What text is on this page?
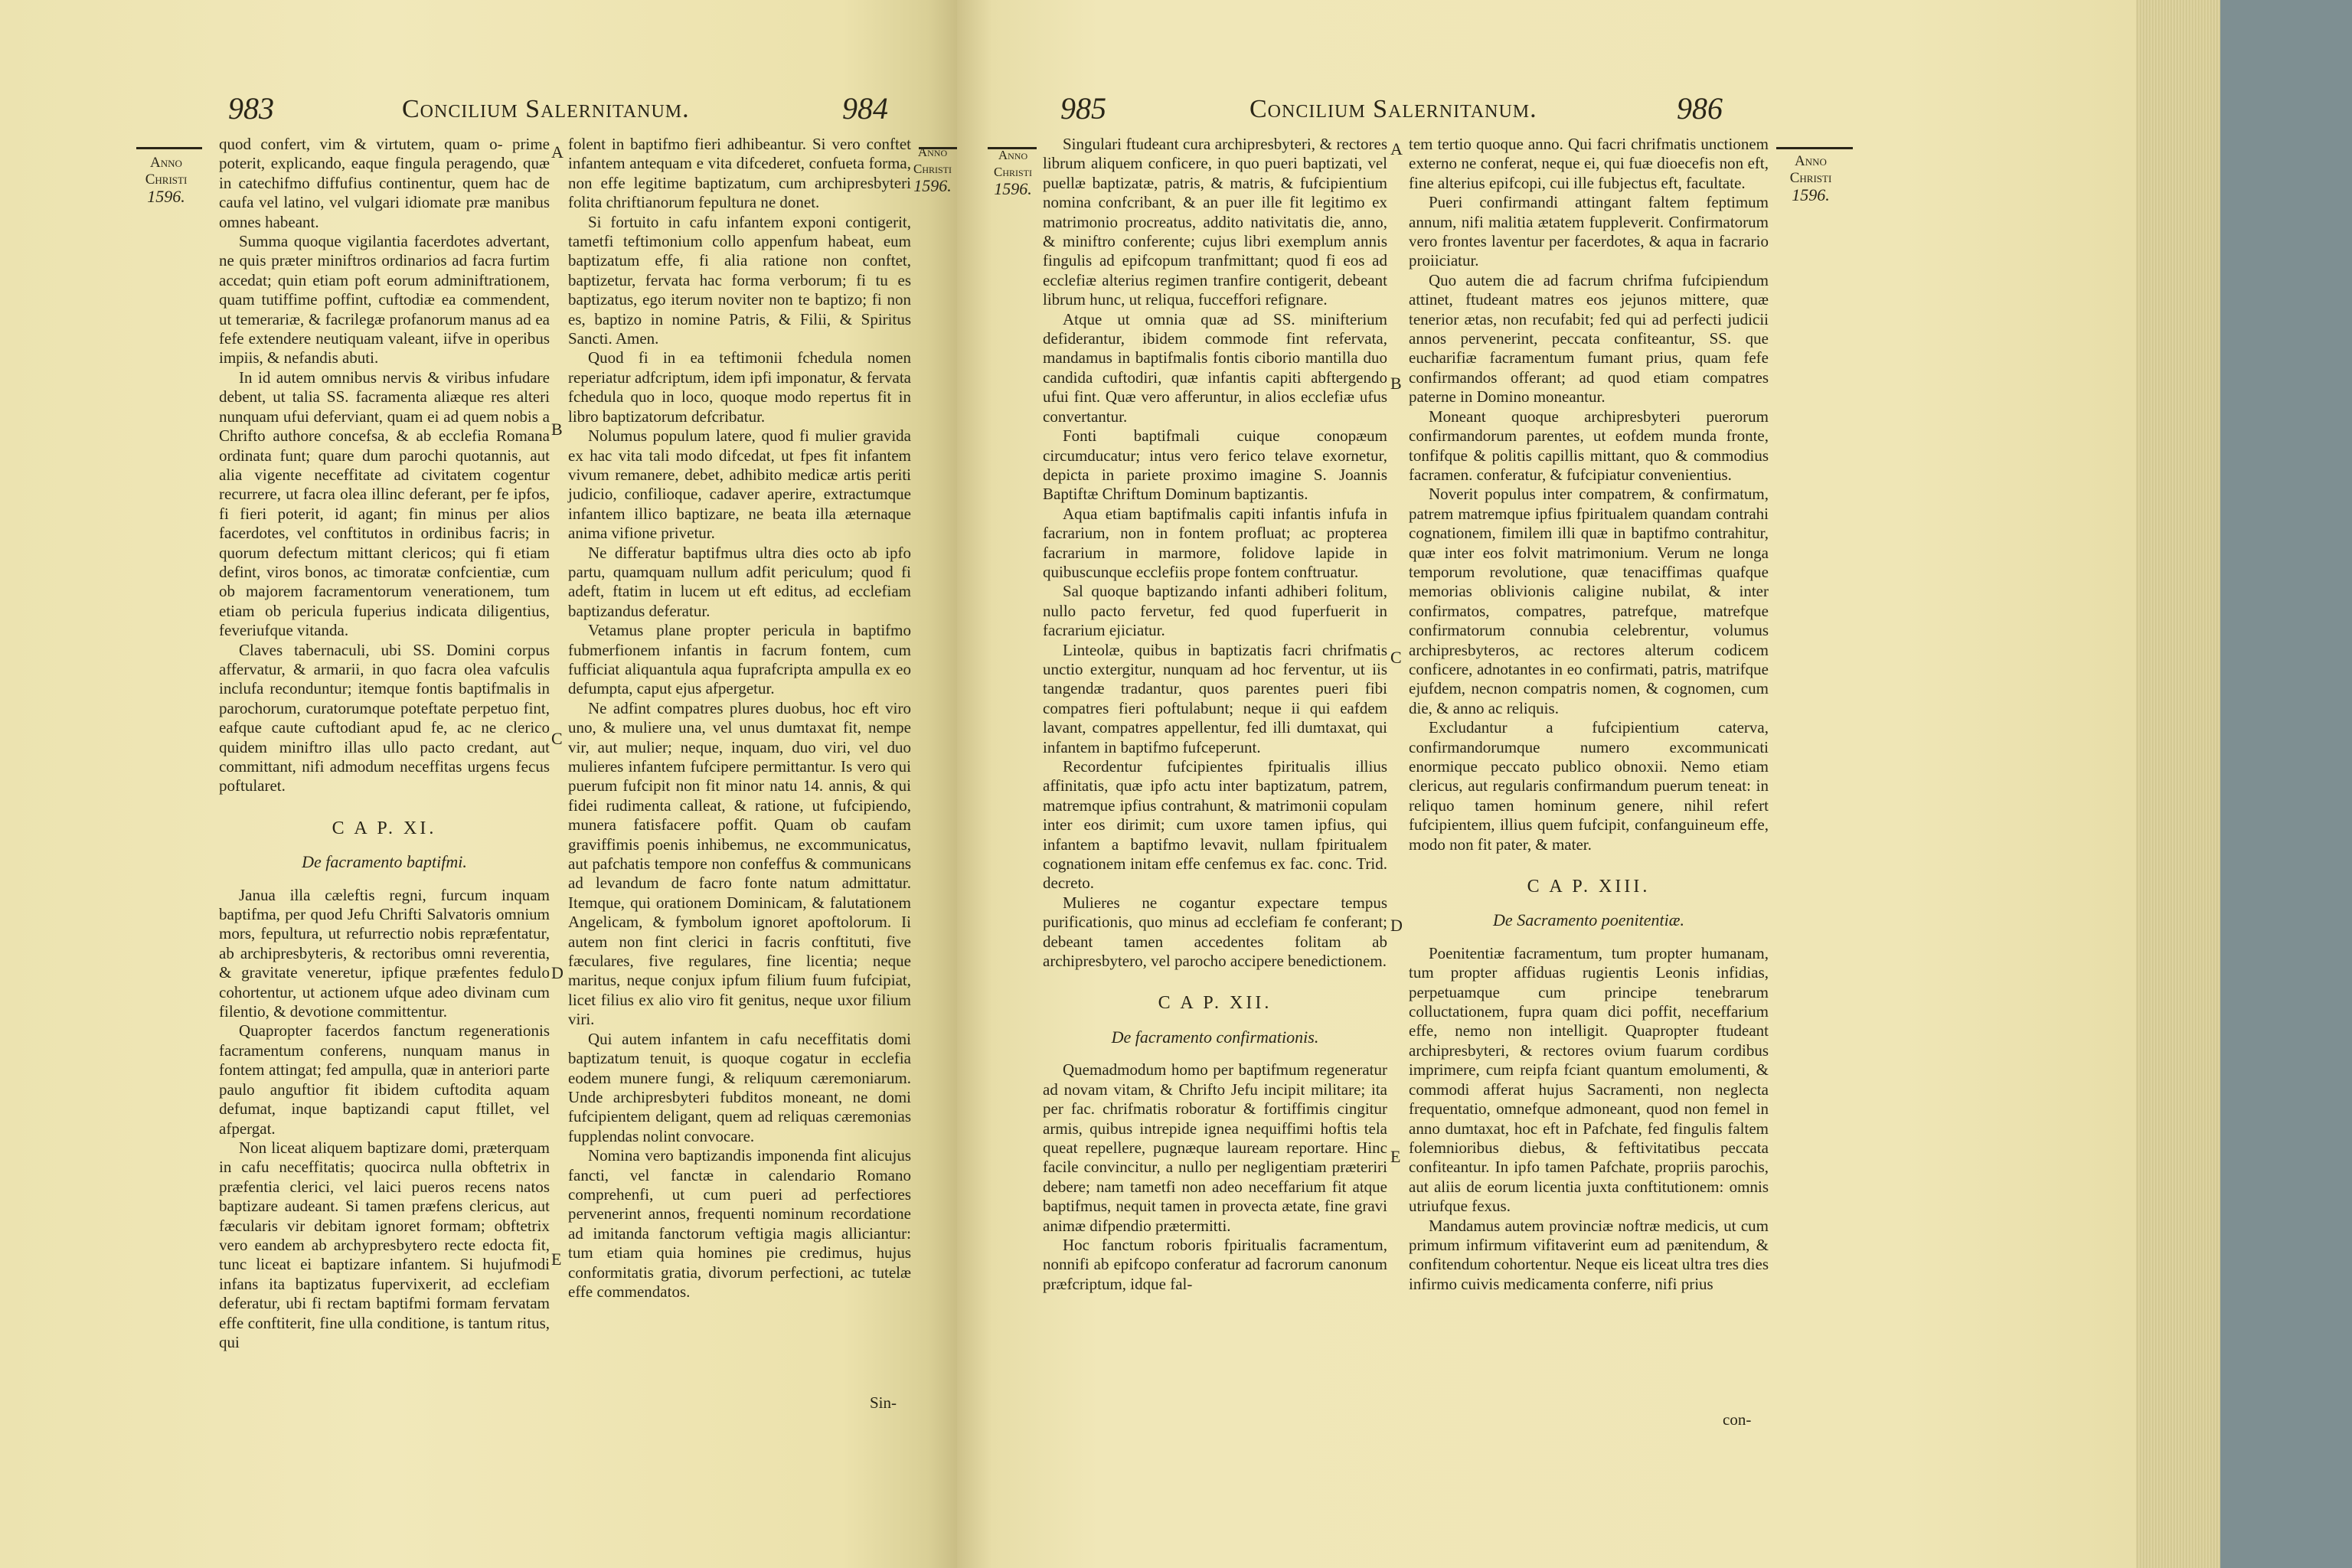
983	Concilium Salernitanum.	984
Anno
Christi
1596.
Anno
Christi
1596.
A
B
C
D
E

quod confert, vim & virtutem, quam o- prime poterit, explicando, eaque fingula peragendo, quæ in catechifmo diffufius continentur, quem hac de caufa vel latino, vel vulgari idiomate præ manibus omnes habeant.

Summa quoque vigilantia facerdotes advertant, ne quis præter miniftros ordinarios ad facra furtim accedat; quin etiam poft eorum adminiftrationem, quam tutiffime poffint, cuftodiæ ea commendent, ut temerariæ, & facrilegæ profanorum manus ad ea fefe extendere neutiquam valeant, iifve in operibus impiis, & nefandis abuti.

In id autem omnibus nervis & viribus infudare debent, ut talia SS. facramenta aliæque res alteri nunquam ufui deferviant, quam ei ad quem nobis a Chrifto authore concefsa, & ab ecclefia Romana ordinata funt; quare dum parochi quotannis, aut alia vigente neceffitate ad civitatem cogentur recurrere, ut facra olea illinc deferant, per fe ipfos, fi fieri poterit, id agant; fin minus per alios facerdotes, vel conftitutos in ordinibus facris; in quorum defectum mittant clericos; qui fi etiam defint, viros bonos, ac timoratæ confcientiæ, cum ob majorem facramentorum venerationem, tum etiam ob pericula fuperius indicata diligentius, feveriufque vitanda.

Claves tabernaculi, ubi SS. Domini corpus affervatur, & armarii, in quo facra olea vafculis inclufa reconduntur; itemque fontis baptifmalis in parochorum, curatorumque poteftate perpetuo fint, eafque caute cuftodiant apud fe, ac ne clerico quidem miniftro illas ullo pacto credant, aut committant, nifi admodum neceffitas urgens fecus poftularet.

C A P. XI.
De facramento baptifmi.

Janua illa cæleftis regni, furcum inquam baptifma, per quod Jefu Chrifti Salvatoris omnium mors, fepultura, ut refurrectio nobis repræfentatur, ab archipresbyteris, & rectoribus omni reverentia, & gravitate veneretur, ipfique præfentes fedulo cohortentur, ut actionem ufque adeo divinam cum filentio, & devotione committentur.

Quapropter facerdos fanctum regenerationis facramentum conferens, nunquam manus in fontem attingat; fed ampulla, quæ in anteriori parte paulo anguftior fit ibidem cuftodita aquam defumat, inque baptizandi caput ftillet, vel afpergat.

Non liceat aliquem baptizare domi, præterquam in cafu neceffitatis; quocirca nulla obftetrix in præfentia clerici, vel laici pueros recens natos baptizare audeant. Si tamen præfens clericus, aut fæcularis vir debitam ignoret formam; obftetrix vero eandem ab archypresbytero recte edocta fit, tunc liceat ei baptizare infantem. Si hujufmodi infans ita baptizatus fupervixerit, ad ecclefiam deferatur, ubi fi rectam baptifmi formam fervatam effe conftiterit, fine ulla conditione, is tantum ritus, qui

folent in baptifmo fieri adhibeantur. Si vero conftet infantem antequam e vita difcederet, confueta forma, non effe legitime baptizatum, cum archipresbyteri folita chriftianorum fepultura ne donet.

Si fortuito in cafu infantem exponi contigerit, tametfi teftimonium collo appenfum habeat, eum baptizatum effe, fi alia ratione non conftet, baptizetur, fervata hac forma verborum; fi tu es baptizatus, ego iterum noviter non te baptizo; fi non es, baptizo in nomine Patris, & Filii, & Spiritus Sancti. Amen.

Quod fi in ea teftimonii fchedula nomen reperiatur adfcriptum, idem ipfi imponatur, & fervata fchedula quo in loco, quoque modo repertus fit in libro baptizatorum defcribatur.

Nolumus populum latere, quod fi mulier gravida ex hac vita tali modo difcedat, ut fpes fit infantem vivum remanere, debet, adhibito medicæ artis periti judicio, confilioque, cadaver aperire, extractumque infantem illico baptizare, ne beata illa æternaque anima vifione privetur.

Ne differatur baptifmus ultra dies octo ab ipfo partu, quamquam nullum adfit periculum; quod fi adeft, ftatim in lucem ut eft editus, ad ecclefiam baptizandus deferatur.

Vetamus plane propter pericula in baptifmo fubmerfionem infantis in facrum fontem, cum fufficiat aliquantula aqua fuprafcripta ampulla ex eo defumpta, caput ejus afpergetur.

Ne adfint compatres plures duobus, hoc eft viro uno, & muliere una, vel unus dumtaxat fit, nempe vir, aut mulier; neque, inquam, duo viri, vel duo mulieres infantem fufcipere permittantur. Is vero qui puerum fufcipit non fit minor natu 14. annis, & qui fidei rudimenta calleat, & ratione, ut fufcipiendo, munera fatisfacere poffit. Quam ob caufam graviffimis poenis inhibemus, ne excommunicatus, aut pafchatis tempore non confeffus & communicans ad levandum de facro fonte natum admittatur. Itemque, qui orationem Dominicam, & falutationem Angelicam, & fymbolum ignoret apoftolorum. Ii autem non fint clerici in facris conftituti, five fæculares, five regulares, fine licentia; neque maritus, neque conjux ipfum filium fuum fufcipiat, licet filius ex alio viro fit genitus, neque uxor filium viri.

Qui autem infantem in cafu neceffitatis domi baptizatum tenuit, is quoque cogatur in ecclefia eodem munere fungi, & reliquum cæremoniarum. Unde archipresbyteri fubditos moneant, ne domi fufcipientem deligant, quem ad reliquas cæremonias fupplendas nolint convocare.

Nomina vero baptizandis imponenda fint alicujus fancti, vel fanctæ in calendario Romano comprehenfi, ut cum pueri ad perfectiores pervenerint annos, frequenti nominum recordatione ad imitanda fanctorum veftigia magis alliciantur: tum etiam quia homines pie credimus, hujus conformitatis gratia, divorum perfectioni, ac tutelæ effe commendatos.

Sin-
985	Concilium Salernitanum.	986
Anno
Christi
1596.
Anno
Christi
1596.
A
B
C
D
E

Singulari ftudeant cura archipresbyteri, & rectores librum aliquem conficere, in quo pueri baptizati, vel puellæ baptizatæ, patris, & matris, & fufcipientium nomina confcribant, & an puer ille fit legitimo ex matrimonio procreatus, addito nativitatis die, anno, & miniftro conferente; cujus libri exemplum annis fingulis ad epifcopum tranfmittant; quod fi eos ad ecclefiæ alterius regimen tranfire contigerit, debeant librum hunc, ut reliqua, fucceffori refignare.

Atque ut omnia quæ ad SS. minifterium defiderantur, ibidem commode fint refervata, mandamus in baptifmalis fontis ciborio mantilla duo candida cuftodiri, quæ infantis capiti abftergendo ufui fint. Quæ vero afferuntur, in alios ecclefiæ ufus convertantur.

Fonti baptifmali cuique conopæum circumducatur; intus vero ferico telave exornetur, depicta in pariete proximo imagine S. Joannis Baptiftæ Chriftum Dominum baptizantis.

Aqua etiam baptifmalis capiti infantis infufa in facrarium, non in fontem profluat; ac propterea facrarium in marmore, folidove lapide in quibuscunque ecclefiis prope fontem conftruatur.

Sal quoque baptizando infanti adhiberi folitum, nullo pacto fervetur, fed quod fuperfuerit in facrarium ejiciatur.

Linteolæ, quibus in baptizatis facri chrifmatis unctio extergitur, nunquam ad hoc ferventur, ut iis tangendæ tradantur, quos parentes pueri fibi compatres fieri poftulabunt; neque ii qui eafdem lavant, compatres appellentur, fed illi dumtaxat, qui infantem in baptifmo fufceperunt.

Recordentur fufcipientes fpiritualis illius affinitatis, quæ ipfo actu inter baptizatum, patrem, matremque ipfius contrahunt, & matrimonii copulam inter eos dirimit; cum uxore tamen ipfius, qui infantem a baptifmo levavit, nullam fpiritualem cognationem initam effe cenfemus ex fac. conc. Trid. decreto.

Mulieres ne cogantur expectare tempus purificationis, quo minus ad ecclefiam fe conferant; debeant tamen accedentes folitam ab archipresbytero, vel parocho accipere benedictionem.

C A P. XII.
De facramento confirmationis.

Quemadmodum homo per baptifmum regeneratur ad novam vitam, & Chrifto Jefu incipit militare; ita per fac. chrifmatis roboratur & fortiffimis cingitur armis, quibus intrepide ignea nequiffimi hoftis tela queat repellere, pugnæque lauream reportare. Hinc facile convincitur, a nullo per negligentiam præteriri debere; nam tametfi non adeo neceffarium fit atque baptifmus, nequit tamen in provecta ætate, fine gravi animæ difpendio prætermitti.

Hoc fanctum roboris fpiritualis facramentum, nonnifi ab epifcopo conferatur ad facrorum canonum præfcriptum, idque fal-

tem tertio quoque anno. Qui facri chrifmatis unctionem externo ne conferat, neque ei, qui fuæ dioecefis non eft, fine alterius epifcopi, cui ille fubjectus eft, facultate.

Pueri confirmandi attingant faltem feptimum annum, nifi malitia ætatem fuppleverit. Confirmatorum vero frontes laventur per facerdotes, & aqua in facrario proiiciatur.

Quo autem die ad facrum chrifma fufcipiendum attinet, ftudeant matres eos jejunos mittere, quæ tenerior ætas, non recufabit; fed qui ad perfecti judicii annos pervenerint, peccata confiteantur, SS. que eucharifiæ facramentum fumant prius, quam fefe confirmandos offerant; ad quod etiam compatres paterne in Domino moneantur.

Moneant quoque archipresbyteri puerorum confirmandorum parentes, ut eofdem munda fronte, tonfifque & politis capillis mittant, quo & commodius facramen. conferatur, & fufcipiatur convenientius.

Noverit populus inter compatrem, & confirmatum, patrem matremque ipfius fpiritualem quandam contrahi cognationem, fimilem illi quæ in baptifmo contrahitur, quæ inter eos folvit matrimonium. Verum ne longa temporum revolutione, quæ tenaciffimas quafque memorias oblivionis caligine nubilat, & inter confirmatos, compatres, patrefque, matrefque confirmatorum connubia celebrentur, volumus archipresbyteros, ac rectores alterum codicem conficere, adnotantes in eo confirmati, patris, matrifque ejufdem, necnon compatris nomen, & cognomen, cum die, & anno ac reliquis.

Excludantur a fufcipientium caterva, confirmandorumque numero excommunicati enormique peccato publico obnoxii. Nemo etiam clericus, aut regularis confirmandum puerum teneat: in reliquo tamen hominum genere, nihil refert fufcipientem, illius quem fufcipit, confanguineum effe, modo non fit pater, & mater.

C A P. XIII.
De Sacramento poenitentiæ.

Poenitentiæ facramentum, tum propter humanam, tum propter affiduas rugientis Leonis infidias, perpetuamque cum principe tenebrarum colluctationem, fupra quam dici poffit, neceffarium effe, nemo non intelligit. Quapropter ftudeant archipresbyteri, & rectores ovium fuarum cordibus imprimere, cum reipfa fciant quantum emolumenti, & commodi afferat hujus Sacramenti, non neglecta frequentatio, omnefque admoneant, quod non femel in anno dumtaxat, hoc eft in Pafchate, fed fingulis faltem folemnioribus diebus, & feftivitatibus peccata confiteantur. In ipfo tamen Pafchate, propriis parochis, aut aliis de eorum licentia juxta conftitutionem: omnis utriufque fexus.

Mandamus autem provinciæ noftræ medicis, ut cum primum infirmum vifitaverint eum ad pænitendum, & confitendum cohortentur. Neque eis liceat ultra tres dies infirmo cuivis medicamenta conferre, nifi prius

con-
